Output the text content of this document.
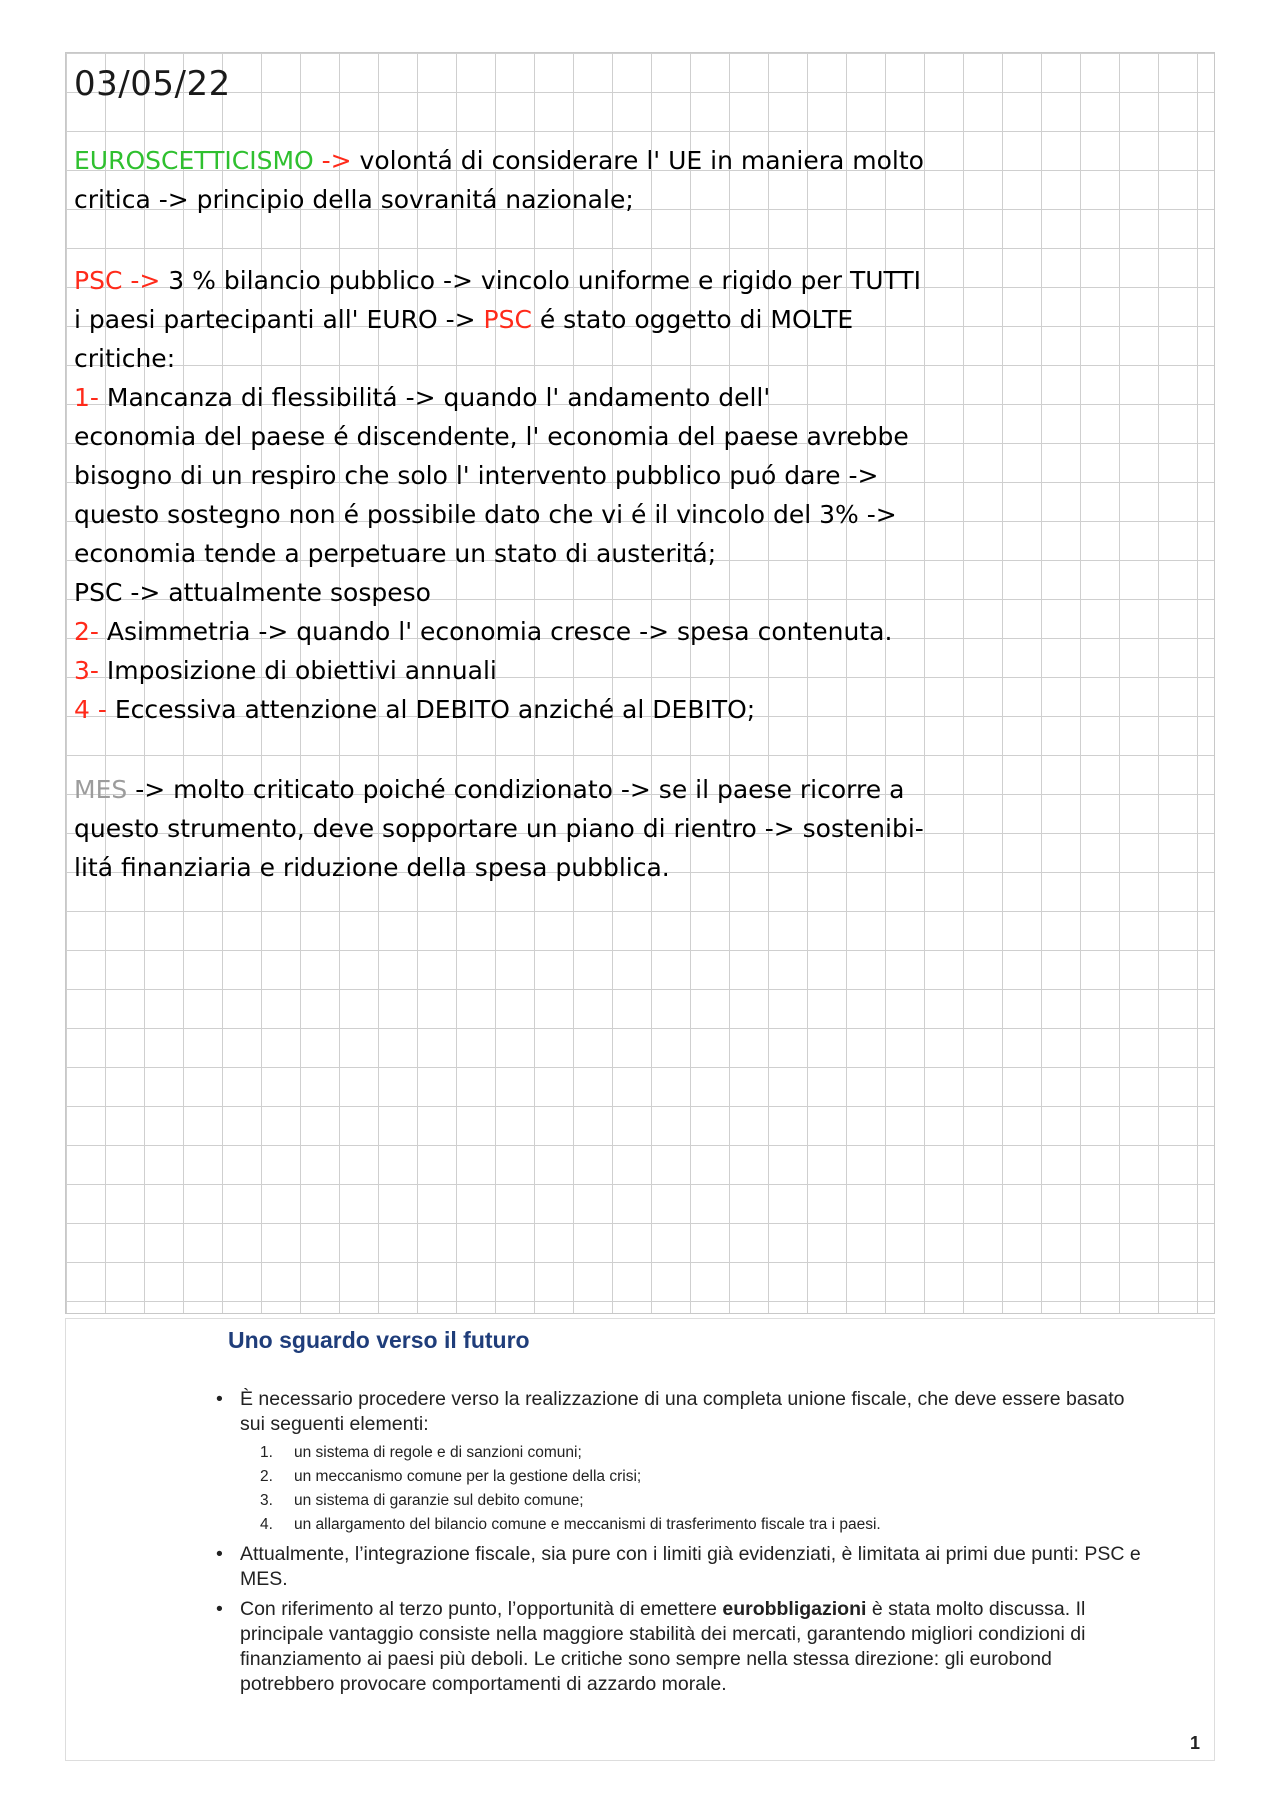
03/05/22
EUROSCETTICISMO -> volontá di considerare l' UE in maniera molto
critica -> principio della sovranitá nazionale;
PSC -> 3 % bilancio pubblico -> vincolo uniforme e rigido per TUTTI
i paesi partecipanti all' EURO -> PSC é stato oggetto di MOLTE
critiche:
1- Mancanza di flessibilitá -> quando l' andamento dell'
economia del paese é discendente, l' economia del paese avrebbe
bisogno di un respiro che solo l' intervento pubblico puó dare ->
questo sostegno non é possibile dato che vi é il vincolo del 3% ->
economia tende a perpetuare un stato di austeritá;
PSC -> attualmente sospeso
2- Asimmetria -> quando l' economia cresce -> spesa contenuta.
3- Imposizione di obiettivi annuali
4 - Eccessiva attenzione al DEBITO anziché al DEBITO;
MES -> molto criticato poiché condizionato -> se il paese ricorre a
questo strumento, deve sopportare un piano di rientro -> sostenibi-
litá finanziaria e riduzione della spesa pubblica.
Uno sguardo verso il futuro
• È necessario procedere verso la realizzazione di una completa unione fiscale, che deve essere basato sui seguenti elementi:
1. un sistema di regole e di sanzioni comuni;
2. un meccanismo comune per la gestione della crisi;
3. un sistema di garanzie sul debito comune;
4. un allargamento del bilancio comune e meccanismi di trasferimento fiscale tra i paesi.
• Attualmente, l’integrazione fiscale, sia pure con i limiti già evidenziati, è limitata ai primi due punti: PSC e MES.
• Con riferimento al terzo punto, l’opportunità di emettere eurobbligazioni è stata molto discussa. Il principale vantaggio consiste nella maggiore stabilità dei mercati, garantendo migliori condizioni di finanziamento ai paesi più deboli. Le critiche sono sempre nella stessa direzione: gli eurobond potrebbero provocare comportamenti di azzardo morale.
1
